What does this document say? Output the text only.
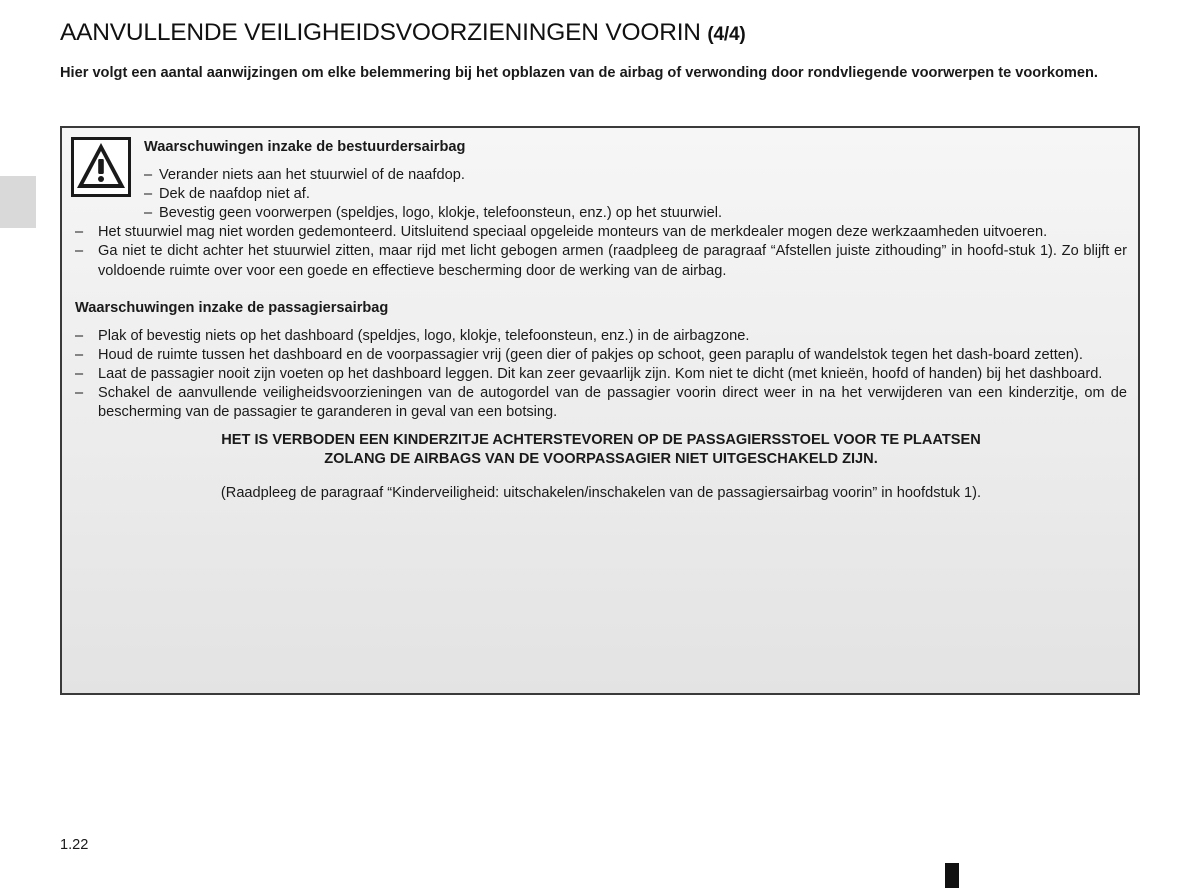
AANVULLENDE VEILIGHEIDSVOORZIENINGEN VOORIN (4/4)

Hier volgt een aantal aanwijzingen om elke belemmering bij het opblazen van de airbag of verwonding door rondvliegende voorwerpen te voorkomen.

Waarschuwingen inzake de bestuurdersairbag

– Verander niets aan het stuurwiel of de naafdop.
– Dek de naafdop niet af.
– Bevestig geen voorwerpen (speldjes, logo, klokje, telefoonsteun, enz.) op het stuurwiel.
– Het stuurwiel mag niet worden gedemonteerd. Uitsluitend speciaal opgeleide monteurs van de merkdealer mogen deze werkzaamheden uitvoeren.
– Ga niet te dicht achter het stuurwiel zitten, maar rijd met licht gebogen armen (raadpleeg de paragraaf “Afstellen juiste zithouding” in hoofd-stuk 1). Zo blijft er voldoende ruimte over voor een goede en effectieve bescherming door de werking van de airbag.

Waarschuwingen inzake de passagiersairbag

– Plak of bevestig niets op het dashboard (speldjes, logo, klokje, telefoonsteun, enz.) in de airbagzone.
– Houd de ruimte tussen het dashboard en de voorpassagier vrij (geen dier of pakjes op schoot, geen paraplu of wandelstok tegen het dash-board zetten).
– Laat de passagier nooit zijn voeten op het dashboard leggen. Dit kan zeer gevaarlijk zijn. Kom niet te dicht (met knieën, hoofd of handen) bij het dashboard.
– Schakel de aanvullende veiligheidsvoorzieningen van de autogordel van de passagier voorin direct weer in na het verwijderen van een kinderzitje, om de bescherming van de passagier te garanderen in geval van een botsing.

HET IS VERBODEN EEN KINDERZITJE ACHTERSTEVOREN OP DE PASSAGIERSSTOEL VOOR TE PLAATSEN ZOLANG DE AIRBAGS VAN DE VOORPASSAGIER NIET UITGESCHAKELD ZIJN.

(Raadpleeg de paragraaf “Kinderveiligheid: uitschakelen/inschakelen van de passagiersairbag voorin” in hoofdstuk 1).

1.22
